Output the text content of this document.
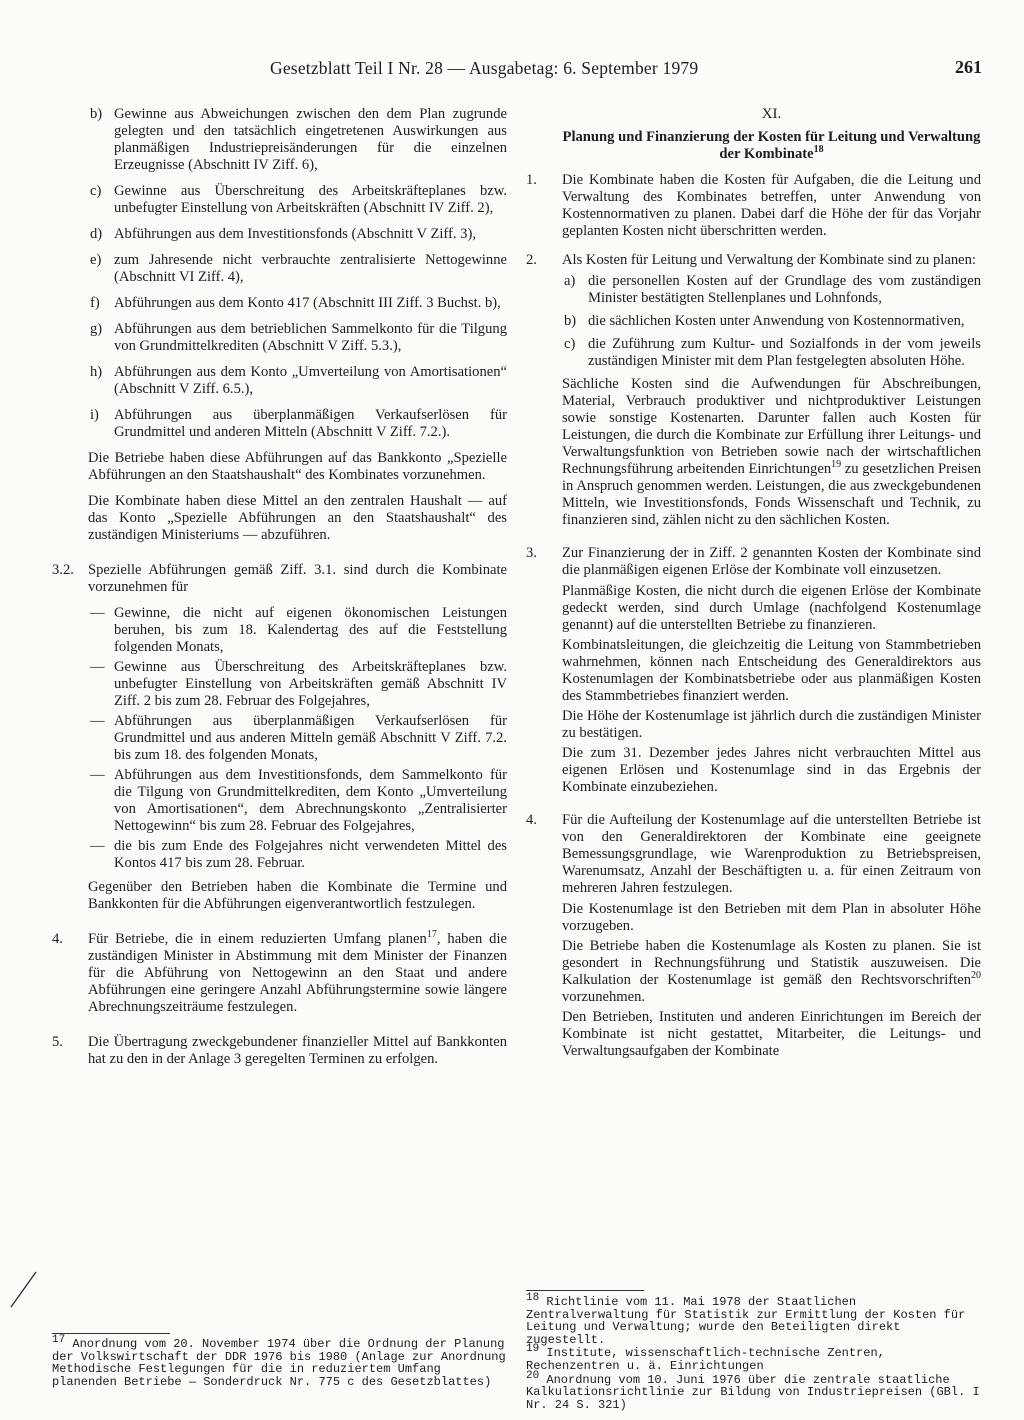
Gesetzblatt Teil I Nr. 28 — Ausgabetag: 6. September 1979	261
b) Gewinne aus Abweichungen zwischen den dem Plan zugrunde gelegten und den tatsächlich eingetretenen Auswirkungen aus planmäßigen Industriepreisänderungen für die einzelnen Erzeugnisse (Abschnitt IV Ziff. 6),
c) Gewinne aus Überschreitung des Arbeitskräfteplanes bzw. unbefugter Einstellung von Arbeitskräften (Abschnitt IV Ziff. 2),
d) Abführungen aus dem Investitionsfonds (Abschnitt V Ziff. 3),
e) zum Jahresende nicht verbrauchte zentralisierte Nettogewinne (Abschnitt VI Ziff. 4),
f) Abführungen aus dem Konto 417 (Abschnitt III Ziff. 3 Buchst. b),
g) Abführungen aus dem betrieblichen Sammelkonto für die Tilgung von Grundmittelkrediten (Abschnitt V Ziff. 5.3.),
h) Abführungen aus dem Konto „Umverteilung von Amortisationen“ (Abschnitt V Ziff. 6.5.),
i) Abführungen aus überplanmäßigen Verkaufserlösen für Grundmittel und anderen Mitteln (Abschnitt V Ziff. 7.2.).

Die Betriebe haben diese Abführungen auf das Bankkonto „Spezielle Abführungen an den Staatshaushalt“ des Kombinates vorzunehmen.

Die Kombinate haben diese Mittel an den zentralen Haushalt — auf das Konto „Spezielle Abführungen an den Staatshaushalt“ des zuständigen Ministeriums — abzuführen.

3.2. Spezielle Abführungen gemäß Ziff. 3.1. sind durch die Kombinate vorzunehmen für
— Gewinne, die nicht auf eigenen ökonomischen Leistungen beruhen, bis zum 18. Kalendertag des auf die Feststellung folgenden Monats,
— Gewinne aus Überschreitung des Arbeitskräfteplanes bzw. unbefugter Einstellung von Arbeitskräften gemäß Abschnitt IV Ziff. 2 bis zum 28. Februar des Folgejahres,
— Abführungen aus überplanmäßigen Verkaufserlösen für Grundmittel und aus anderen Mitteln gemäß Abschnitt V Ziff. 7.2. bis zum 18. des folgenden Monats,
— Abführungen aus dem Investitionsfonds, dem Sammelkonto für die Tilgung von Grundmittelkrediten, dem Konto „Umverteilung von Amortisationen“, dem Abrechnungskonto „Zentralisierter Nettogewinn“ bis zum 28. Februar des Folgejahres,
— die bis zum Ende des Folgejahres nicht verwendeten Mittel des Kontos 417 bis zum 28. Februar.

Gegenüber den Betrieben haben die Kombinate die Termine und Bankkonten für die Abführungen eigenverantwortlich festzulegen.

4. Für Betriebe, die in einem reduzierten Umfang planen$^{17}$, haben die zuständigen Minister in Abstimmung mit dem Minister der Finanzen für die Abführung von Nettogewinn an den Staat und andere Abführungen eine geringere Anzahl Abführungstermine sowie längere Abrechnungszeiträume festzulegen.
5. Die Übertragung zweckgebundener finanzieller Mittel auf Bankkonten hat zu den in der Anlage 3 geregelten Terminen zu erfolgen.
XI.
Planung und Finanzierung der Kosten für Leitung und Verwaltung der Kombinate$^{18}$
1. Die Kombinate haben die Kosten für Aufgaben, die die Leitung und Verwaltung des Kombinates betreffen, unter Anwendung von Kostennormativen zu planen. Dabei darf die Höhe der für das Vorjahr geplanten Kosten nicht überschritten werden.
2. Als Kosten für Leitung und Verwaltung der Kombinate sind zu planen:
a) die personellen Kosten auf der Grundlage des vom zuständigen Minister bestätigten Stellenplanes und Lohnfonds,
b) die sächlichen Kosten unter Anwendung von Kostennormativen,
c) die Zuführung zum Kultur- und Sozialfonds in der vom jeweils zuständigen Minister mit dem Plan festgelegten absoluten Höhe.

Sächliche Kosten sind die Aufwendungen für Abschreibungen, Material, Verbrauch produktiver und nichtproduktiver Leistungen sowie sonstige Kostenarten. Darunter fallen auch Kosten für Leistungen, die durch die Kombinate zur Erfüllung ihrer Leitungs- und Verwaltungsfunktion von Betrieben sowie nach der wirtschaftlichen Rechnungsführung arbeitenden Einrichtungen$^{19}$ zu gesetzlichen Preisen in Anspruch genommen werden. Leistungen, die aus zweckgebundenen Mitteln, wie Investitionsfonds, Fonds Wissenschaft und Technik, zu finanzieren sind, zählen nicht zu den sächlichen Kosten.

3. Zur Finanzierung der in Ziff. 2 genannten Kosten der Kombinate sind die planmäßigen eigenen Erlöse der Kombinate voll einzusetzen.

Planmäßige Kosten, die nicht durch die eigenen Erlöse der Kombinate gedeckt werden, sind durch Umlage (nachfolgend Kostenumlage genannt) auf die unterstellten Betriebe zu finanzieren.

Kombinatsleitungen, die gleichzeitig die Leitung von Stammbetrieben wahrnehmen, können nach Entscheidung des Generaldirektors aus Kostenumlagen der Kombinatsbetriebe oder aus planmäßigen Kosten des Stammbetriebes finanziert werden.

Die Höhe der Kostenumlage ist jährlich durch die zuständigen Minister zu bestätigen.

Die zum 31. Dezember jedes Jahres nicht verbrauchten Mittel aus eigenen Erlösen und Kostenumlage sind in das Ergebnis der Kombinate einzubeziehen.

4. Für die Aufteilung der Kostenumlage auf die unterstellten Betriebe ist von den Generaldirektoren der Kombinate eine geeignete Bemessungsgrundlage, wie Warenproduktion zu Betriebspreisen, Warenumsatz, Anzahl der Beschäftigten u. a. für einen Zeitraum von mehreren Jahren festzulegen.

Die Kostenumlage ist den Betrieben mit dem Plan in absoluter Höhe vorzugeben.

Die Betriebe haben die Kostenumlage als Kosten zu planen. Sie ist gesondert in Rechnungsführung und Statistik auszuweisen. Die Kalkulation der Kostenumlage ist gemäß den Rechtsvorschriften$^{20}$ vorzunehmen.

Den Betrieben, Instituten und anderen Einrichtungen im Bereich der Kombinate ist nicht gestattet, Mitarbeiter, die Leitungs- und Verwaltungsaufgaben der Kombinate

$^{17}$ Anordnung vom 20. November 1974 über die Ordnung der Planung der Volkswirtschaft der DDR 1976 bis 1980 (Anlage zur Anordnung Methodische Festlegungen für die in reduziertem Umfang planenden Betriebe — Sonderdruck Nr. 775 c des Gesetzblattes)

$^{18}$ Richtlinie vom 11. Mai 1978 der Staatlichen Zentralverwaltung für Statistik zur Ermittlung der Kosten für Leitung und Verwaltung; wurde den Beteiligten direkt zugestellt.

$^{19}$ Institute, wissenschaftlich-technische Zentren, Rechenzentren u. ä. Einrichtungen

$^{20}$ Anordnung vom 10. Juni 1976 über die zentrale staatliche Kalkulationsrichtlinie zur Bildung von Industriepreisen (GBl. I Nr. 24 S. 321)
